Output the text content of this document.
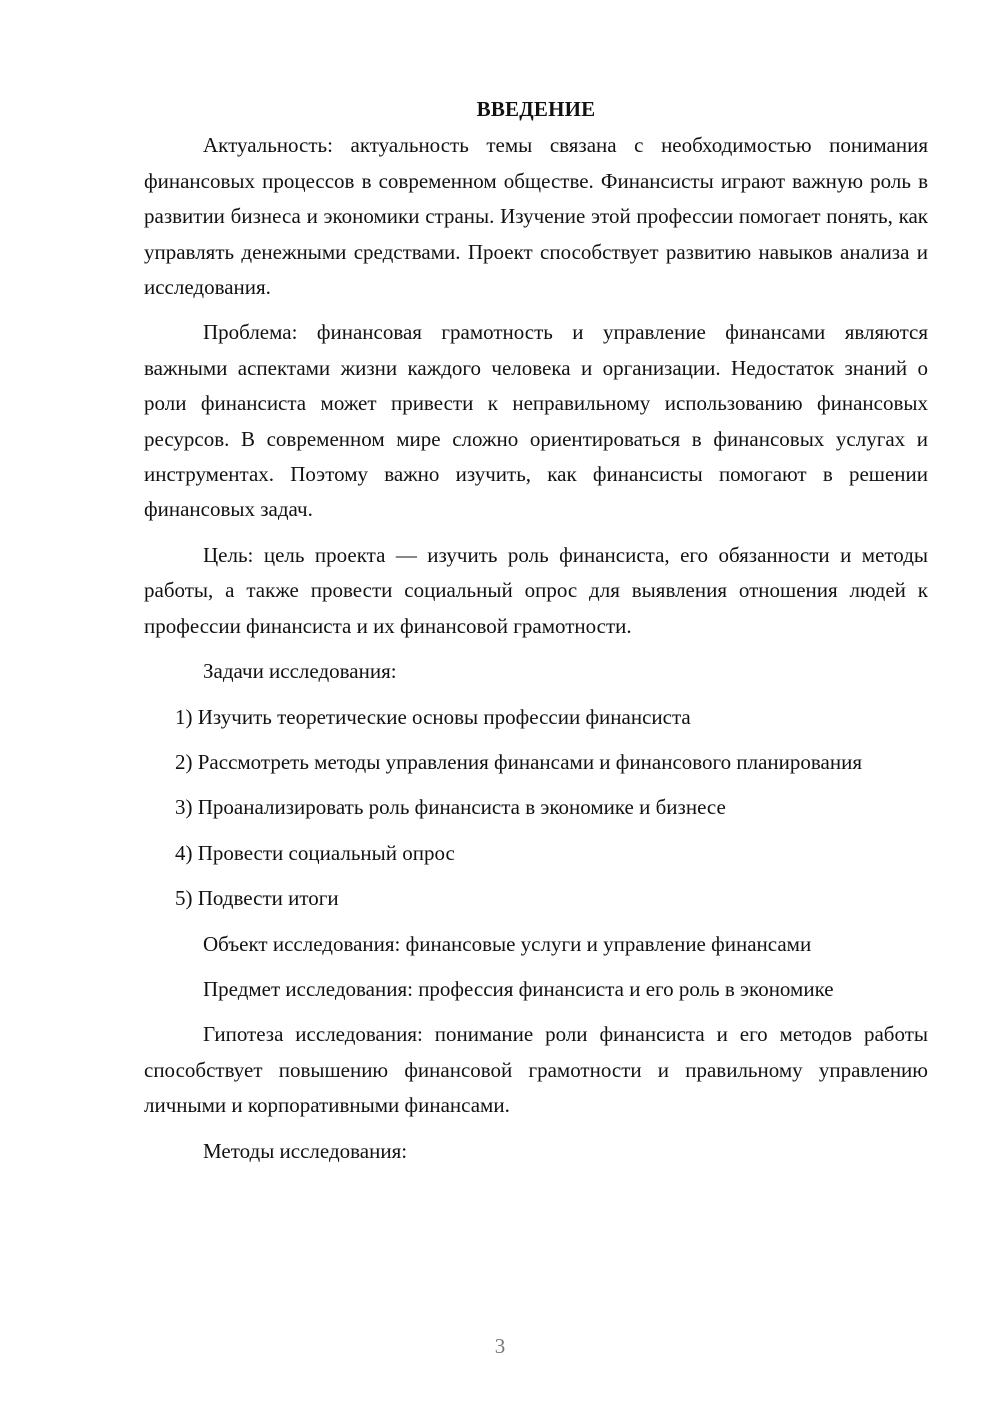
ВВЕДЕНИЕ

Актуальность: актуальность темы связана с необходимостью понимания финансовых процессов в современном обществе. Финансисты играют важную роль в развитии бизнеса и экономики страны. Изучение этой профессии помогает понять, как управлять денежными средствами. Проект способствует развитию навыков анализа и исследования.

Проблема: финансовая грамотность и управление финансами являются важными аспектами жизни каждого человека и организации. Недостаток знаний о роли финансиста может привести к неправильному использованию финансовых ресурсов. В современном мире сложно ориентироваться в финансовых услугах и инструментах. Поэтому важно изучить, как финансисты помогают в решении финансовых задач.

Цель: цель проекта — изучить роль финансиста, его обязанности и методы работы, а также провести социальный опрос для выявления отношения людей к профессии финансиста и их финансовой грамотности.

Задачи исследования:

1) Изучить теоретические основы профессии финансиста

2) Рассмотреть методы управления финансами и финансового планирования

3) Проанализировать роль финансиста в экономике и бизнесе

4) Провести социальный опрос

5) Подвести итоги

Объект исследования: финансовые услуги и управление финансами

Предмет исследования: профессия финансиста и его роль в экономике

Гипотеза исследования: понимание роли финансиста и его методов работы способствует повышению финансовой грамотности и правильному управлению личными и корпоративными финансами.

Методы исследования:

3
